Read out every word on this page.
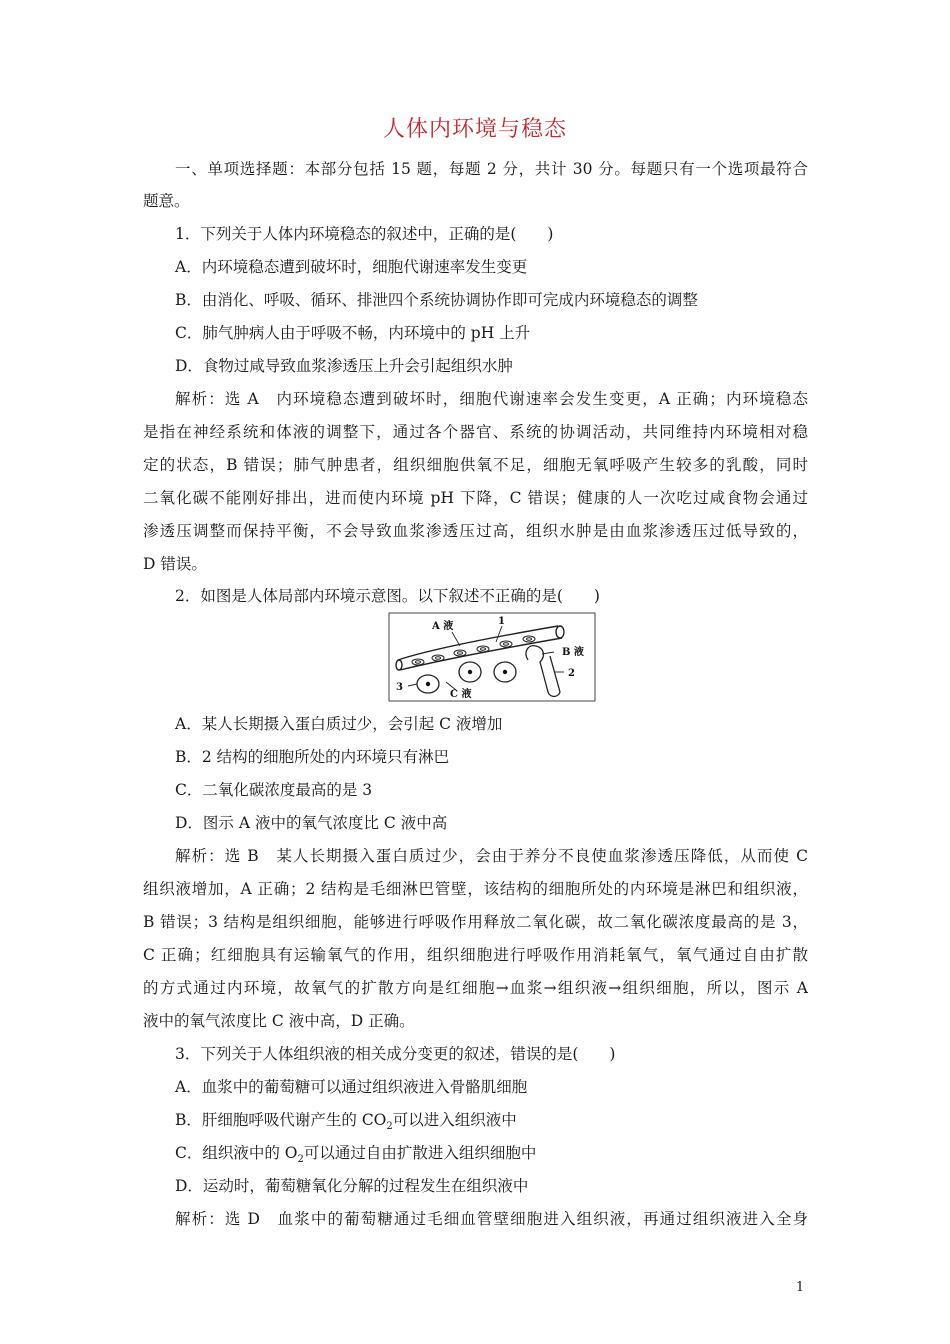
人体内环境与稳态
一、单项选择题：本部分包括 15 题，每题 2 分，共计 30 分。每题只有一个选项最符合
题意。
1．下列关于人体内环境稳态的叙述中，正确的是(　　)
A．内环境稳态遭到破坏时，细胞代谢速率发生变更
B．由消化、呼吸、循环、排泄四个系统协调协作即可完成内环境稳态的调整
C．肺气肿病人由于呼吸不畅，内环境中的 pH 上升
D．食物过咸导致血浆渗透压上升会引起组织水肿
解析：选 A　内环境稳态遭到破坏时，细胞代谢速率会发生变更，A 正确；内环境稳态
是指在神经系统和体液的调整下，通过各个器官、系统的协调活动，共同维持内环境相对稳
定的状态，B 错误；肺气肿患者，组织细胞供氧不足，细胞无氧呼吸产生较多的乳酸，同时
二氧化碳不能刚好排出，进而使内环境 pH 下降，C 错误；健康的人一次吃过咸食物会通过
渗透压调整而保持平衡，不会导致血浆渗透压过高，组织水肿是由血浆渗透压过低导致的，
D 错误。
2．如图是人体局部内环境示意图。以下叙述不正确的是(　　)
A 液	1
B 液
2
3
C 液
A．某人长期摄入蛋白质过少，会引起 C 液增加
B．2 结构的细胞所处的内环境只有淋巴
C．二氧化碳浓度最高的是 3
D．图示 A 液中的氧气浓度比 C 液中高
解析：选 B　某人长期摄入蛋白质过少，会由于养分不良使血浆渗透压降低，从而使 C
组织液增加，A 正确；2 结构是毛细淋巴管壁，该结构的细胞所处的内环境是淋巴和组织液，
B 错误；3 结构是组织细胞，能够进行呼吸作用释放二氧化碳，故二氧化碳浓度最高的是 3，
C 正确；红细胞具有运输氧气的作用，组织细胞进行呼吸作用消耗氧气，氧气通过自由扩散
的方式通过内环境，故氧气的扩散方向是红细胞→血浆→组织液→组织细胞，所以，图示 A
液中的氧气浓度比 C 液中高，D 正确。
3．下列关于人体组织液的相关成分变更的叙述，错误的是(　　)
A．血浆中的葡萄糖可以通过组织液进入骨骼肌细胞
B．肝细胞呼吸代谢产生的 $CO_2$可以进入组织液中
C．组织液中的 $O_2$可以通过自由扩散进入组织细胞中
D．运动时，葡萄糖氧化分解的过程发生在组织液中
解析：选 D　血浆中的葡萄糖通过毛细血管壁细胞进入组织液，再通过组织液进入全身
1
